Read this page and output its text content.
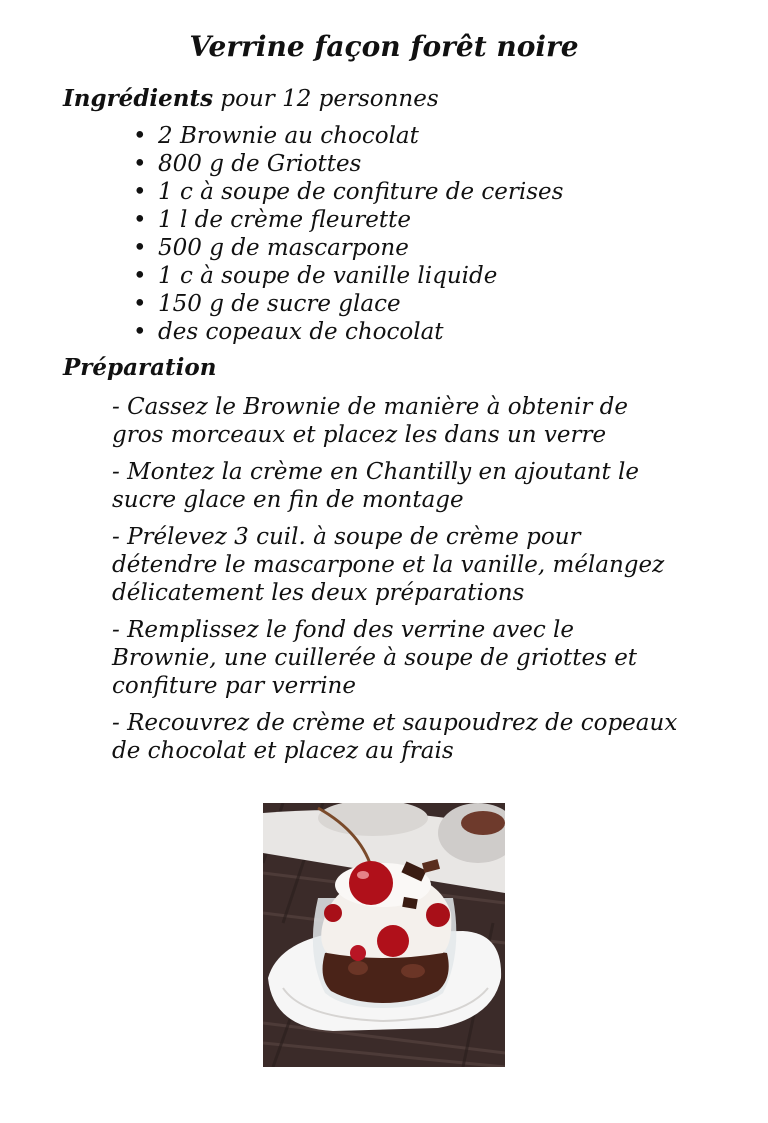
Verrine façon forêt noire

Ingrédients pour 12 personnes

• 2 Brownie au chocolat
• 800 g de Griottes
• 1 c à soupe de confiture de cerises
• 1 l de crème fleurette
• 500 g de mascarpone
• 1 c à soupe de vanille liquide
• 150 g de sucre glace
• des copeaux de chocolat

Préparation

- Cassez le Brownie de manière à obtenir de
gros morceaux et placez les dans un verre

- Montez la crème en Chantilly en ajoutant le
sucre glace en fin de montage

- Prélevez 3 cuil. à soupe de crème pour
détendre le mascarpone et la vanille, mélangez
délicatement les deux préparations

- Remplissez le fond des verrine avec le
Brownie, une cuillerée à soupe de griottes et
confiture par verrine

- Recouvrez de crème et saupoudrez de copeaux
de chocolat et placez au frais
